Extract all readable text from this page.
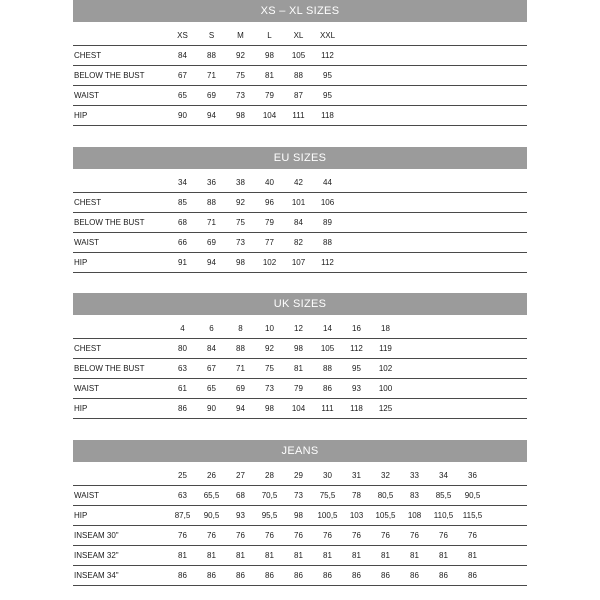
XS – XL SIZES

	XS	S	M	L	XL	XXL	
CHEST	84	88	92	98	105	112	
BELOW THE BUST	67	71	75	81	88	95	
WAIST	65	69	73	79	87	95	
HIP	90	94	98	104	111	118	
EU SIZES

	34	36	38	40	42	44	
CHEST	85	88	92	96	101	106	
BELOW THE BUST	68	71	75	79	84	89	
WAIST	66	69	73	77	82	88	
HIP	91	94	98	102	107	112	
UK SIZES

	4	6	8	10	12	14	16	18	
CHEST	80	84	88	92	98	105	112	119	
BELOW THE BUST	63	67	71	75	81	88	95	102	
WAIST	61	65	69	73	79	86	93	100	
HIP	86	90	94	98	104	111	118	125	
JEANS

	25	26	27	28	29	30	31	32	33	34	36	
WAIST	63	65,5	68	70,5	73	75,5	78	80,5	83	85,5	90,5	
HIP	87,5	90,5	93	95,5	98	100,5	103	105,5	108	110,5	115,5	
INSEAM 30"	76	76	76	76	76	76	76	76	76	76	76	
INSEAM 32"	81	81	81	81	81	81	81	81	81	81	81	
INSEAM 34"	86	86	86	86	86	86	86	86	86	86	86	
